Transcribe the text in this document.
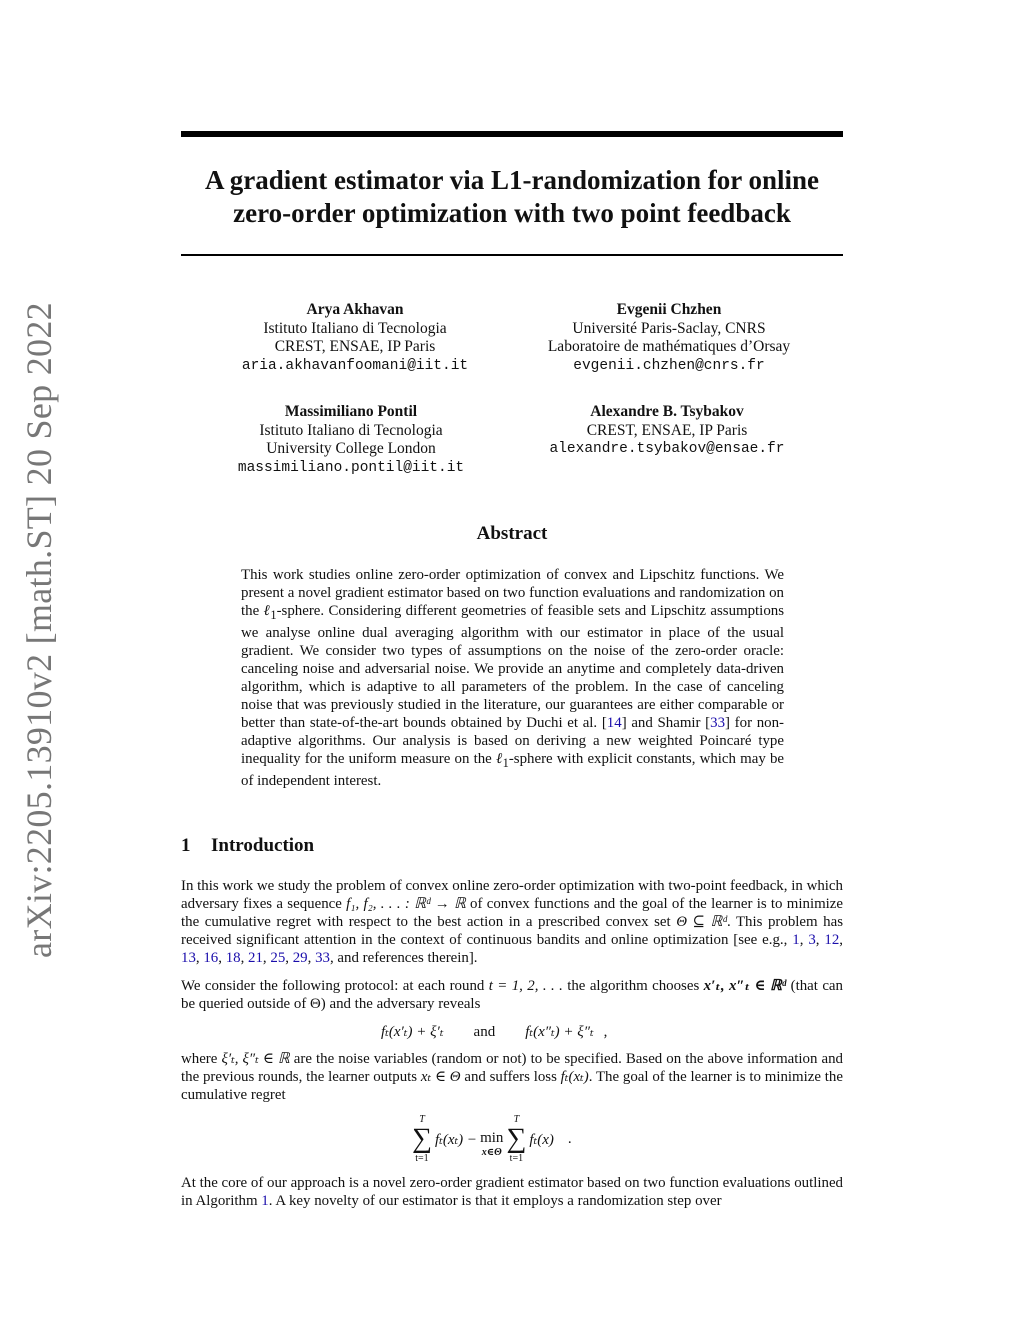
arXiv:2205.13910v2 [math.ST] 20 Sep 2022
A gradient estimator via L1-randomization for online
zero-order optimization with two point feedback
Arya Akhavan
Istituto Italiano di Tecnologia
CREST, ENSAE, IP Paris
aria.akhavanfoomani@iit.it
Evgenii Chzhen
Université Paris-Saclay, CNRS
Laboratoire de mathématiques d’Orsay
evgenii.chzhen@cnrs.fr
Massimiliano Pontil
Istituto Italiano di Tecnologia
University College London
massimiliano.pontil@iit.it
Alexandre B. Tsybakov
CREST, ENSAE, IP Paris
alexandre.tsybakov@ensae.fr
Abstract
This work studies online zero-order optimization of convex and Lipschitz functions. We present a novel gradient estimator based on two function evaluations and randomization on the ℓ$_1$-sphere. Considering different geometries of feasible sets and Lipschitz assumptions we analyse online dual averaging algorithm with our estimator in place of the usual gradient. We consider two types of assumptions on the noise of the zero-order oracle: canceling noise and adversarial noise. We provide an anytime and completely data-driven algorithm, which is adaptive to all parameters of the problem. In the case of canceling noise that was previously studied in the literature, our guarantees are either comparable or better than state-of-the-art bounds obtained by Duchi et al. [14] and Shamir [33] for non-adaptive algorithms. Our analysis is based on deriving a new weighted Poincaré type inequality for the uniform measure on the ℓ$_1$-sphere with explicit constants, which may be of independent interest.
1 Introduction
In this work we study the problem of convex online zero-order optimization with two-point feedback, in which adversary fixes a sequence f₁, f₂, . . . : ℝᵈ → ℝ of convex functions and the goal of the learner is to minimize the cumulative regret with respect to the best action in a prescribed convex set Θ ⊆ ℝᵈ. This problem has received significant attention in the context of continuous bandits and online optimization [see e.g., 1, 3, 12, 13, 16, 18, 21, 25, 29, 33, and references therein].
We consider the following protocol: at each round t = 1, 2, . . . the algorithm chooses x′ₜ, x″ₜ ∈ ℝᵈ (that can be queried outside of Θ) and the adversary reveals
fₜ(x′ₜ) + ξ′ₜ and fₜ(x″ₜ) + ξ″ₜ ,
where ξ′ₜ, ξ″ₜ ∈ ℝ are the noise variables (random or not) to be specified. Based on the above information and the previous rounds, the learner outputs xₜ ∈ Θ and suffers loss fₜ(xₜ). The goal of the learner is to minimize the cumulative regret
T
∑
t=1
fₜ(xₜ) − min
x∈Θ
T
∑
t=1
fₜ(x) .
At the core of our approach is a novel zero-order gradient estimator based on two function evaluations outlined in Algorithm 1. A key novelty of our estimator is that it employs a randomization step over
